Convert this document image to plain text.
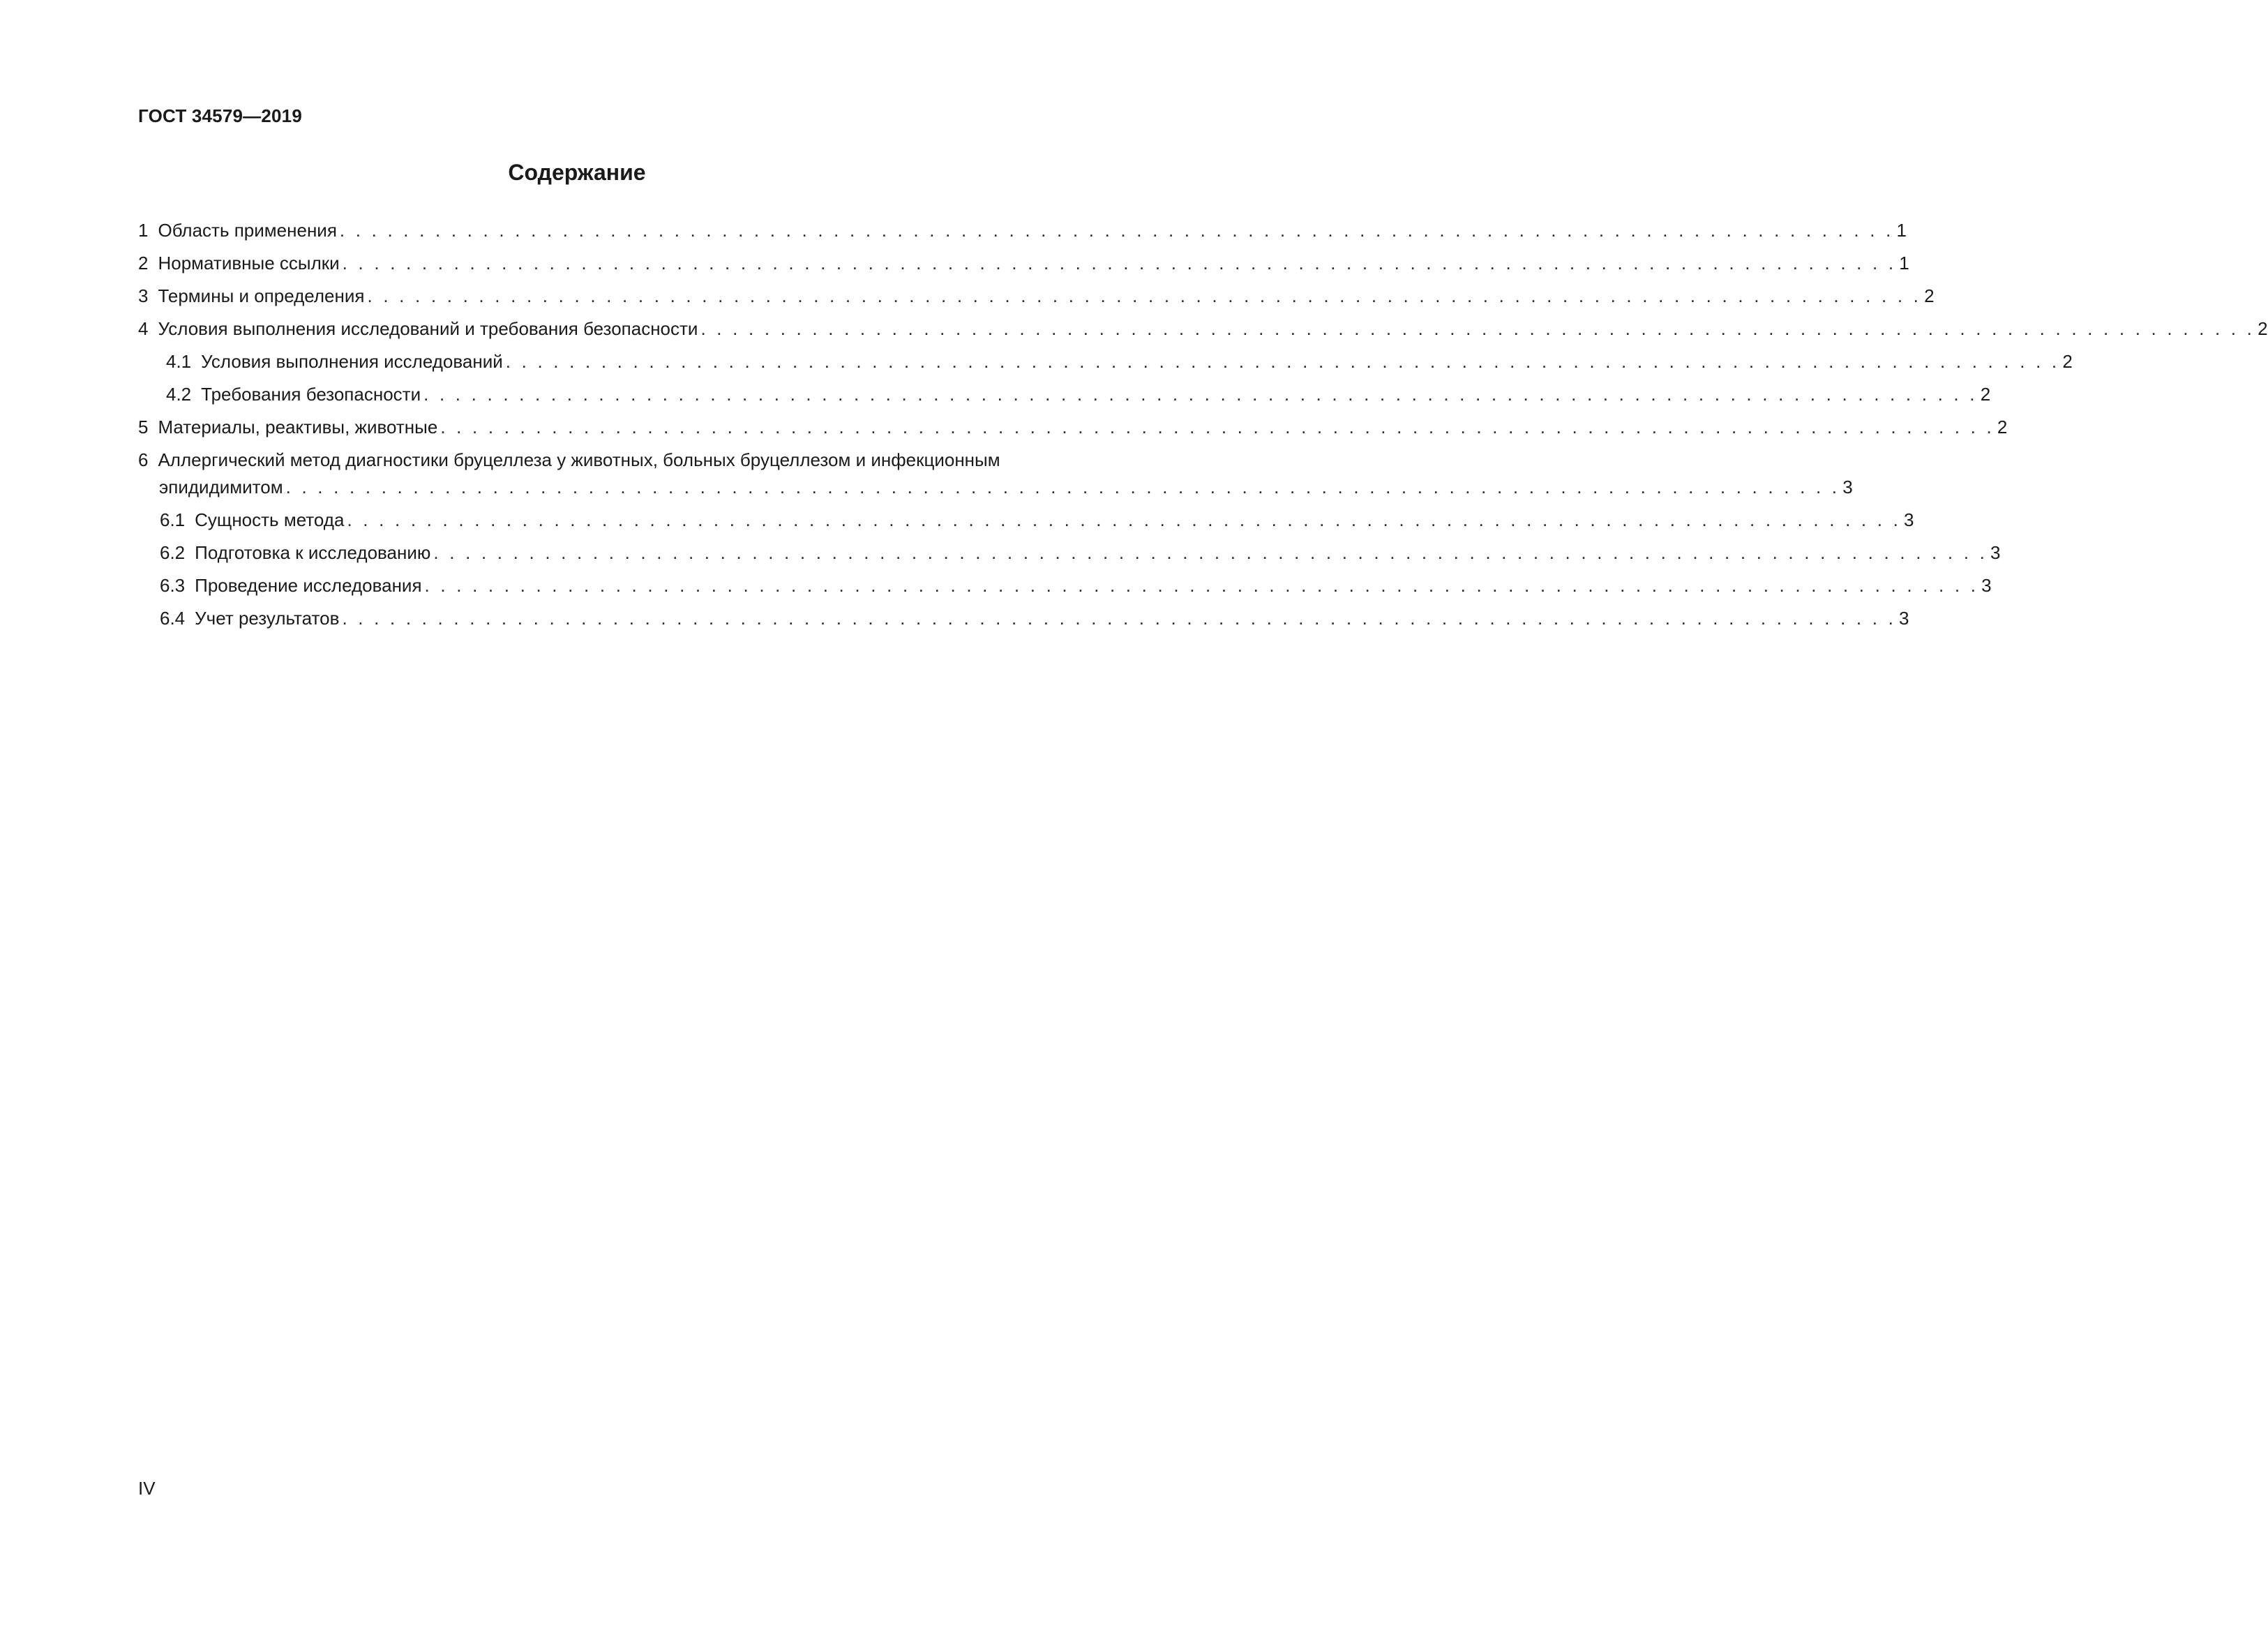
ГОСТ 34579—2019
Содержание
1 Область применения . . . . . . . . . . . . . . . . . . . . . . . . . . . . . . . . . . . . . . . . . . . . . . . . . . . . . . . . . . . . . . . . . . . . . . . . . . . . . . . . . . . . . . . . . . . . . . . . . . 1
2 Нормативные ссылки . . . . . . . . . . . . . . . . . . . . . . . . . . . . . . . . . . . . . . . . . . . . . . . . . . . . . . . . . . . . . . . . . . . . . . . . . . . . . . . . . . . . . . . . . . . . . . . . . . 1
3 Термины и определения . . . . . . . . . . . . . . . . . . . . . . . . . . . . . . . . . . . . . . . . . . . . . . . . . . . . . . . . . . . . . . . . . . . . . . . . . . . . . . . . . . . . . . . . . . . . . . . . . . 2
4 Условия выполнения исследований и требования безопасности . . . . . . . . . . . . . . . . . . . . . . . . . . . . . . . . . . . . . . . . . . . . . . . . . . . . . . . . . . . . . . . . . . . . . . . . . . . . . . . . . . . . . . . . . . . . . . . . . . 2
4.1 Условия выполнения исследований . . . . . . . . . . . . . . . . . . . . . . . . . . . . . . . . . . . . . . . . . . . . . . . . . . . . . . . . . . . . . . . . . . . . . . . . . . . . . . . . . . . . . . . . . . . . . . . . . . 2
4.2 Требования безопасности . . . . . . . . . . . . . . . . . . . . . . . . . . . . . . . . . . . . . . . . . . . . . . . . . . . . . . . . . . . . . . . . . . . . . . . . . . . . . . . . . . . . . . . . . . . . . . . . . . 2
5 Материалы, реактивы, животные . . . . . . . . . . . . . . . . . . . . . . . . . . . . . . . . . . . . . . . . . . . . . . . . . . . . . . . . . . . . . . . . . . . . . . . . . . . . . . . . . . . . . . . . . . . . . . . . . . 2
6 Аллергический метод диагностики бруцеллеза у животных, больных бруцеллезом и инфекционным
эпидидимитом . . . . . . . . . . . . . . . . . . . . . . . . . . . . . . . . . . . . . . . . . . . . . . . . . . . . . . . . . . . . . . . . . . . . . . . . . . . . . . . . . . . . . . . . . . . . . . . . . . 3
6.1 Сущность метода . . . . . . . . . . . . . . . . . . . . . . . . . . . . . . . . . . . . . . . . . . . . . . . . . . . . . . . . . . . . . . . . . . . . . . . . . . . . . . . . . . . . . . . . . . . . . . . . . . 3
6.2 Подготовка к исследованию . . . . . . . . . . . . . . . . . . . . . . . . . . . . . . . . . . . . . . . . . . . . . . . . . . . . . . . . . . . . . . . . . . . . . . . . . . . . . . . . . . . . . . . . . . . . . . . . . . 3
6.3 Проведение исследования . . . . . . . . . . . . . . . . . . . . . . . . . . . . . . . . . . . . . . . . . . . . . . . . . . . . . . . . . . . . . . . . . . . . . . . . . . . . . . . . . . . . . . . . . . . . . . . . . . 3
6.4 Учет результатов . . . . . . . . . . . . . . . . . . . . . . . . . . . . . . . . . . . . . . . . . . . . . . . . . . . . . . . . . . . . . . . . . . . . . . . . . . . . . . . . . . . . . . . . . . . . . . . . . . 3
IV
